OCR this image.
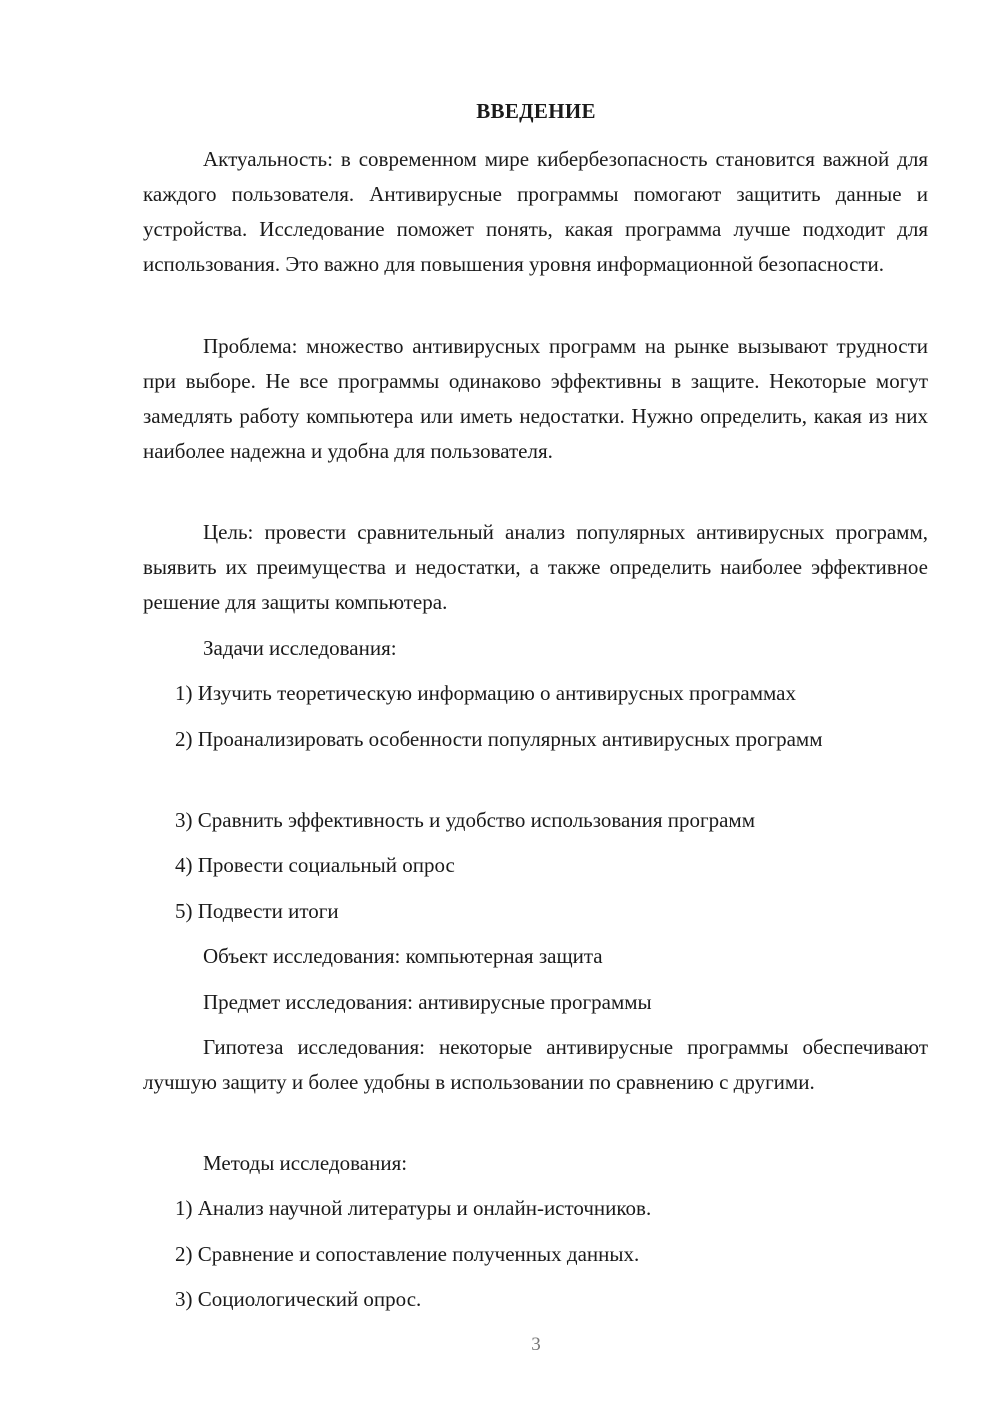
ВВЕДЕНИЕ

Актуальность: в современном мире кибербезопасность становится важной для каждого пользователя. Антивирусные программы помогают защитить данные и устройства. Исследование поможет понять, какая программа лучше подходит для использования. Это важно для повышения уровня информационной безопасности.

Проблема: множество антивирусных программ на рынке вызывают трудности при выборе. Не все программы одинаково эффективны в защите. Некоторые могут замедлять работу компьютера или иметь недостатки. Нужно определить, какая из них наиболее надежна и удобна для пользователя.

Цель: провести сравнительный анализ популярных антивирусных программ, выявить их преимущества и недостатки, а также определить наиболее эффективное решение для защиты компьютера.

Задачи исследования:

1) Изучить теоретическую информацию о антивирусных программах

2) Проанализировать особенности популярных антивирусных программ

3) Сравнить эффективность и удобство использования программ

4) Провести социальный опрос

5) Подвести итоги

Объект исследования: компьютерная защита

Предмет исследования: антивирусные программы

Гипотеза исследования: некоторые антивирусные программы обеспечивают лучшую защиту и более удобны в использовании по сравнению с другими.

Методы исследования:

1) Анализ научной литературы и онлайн-источников.

2) Сравнение и сопоставление полученных данных.

3) Социологический опрос.

3
